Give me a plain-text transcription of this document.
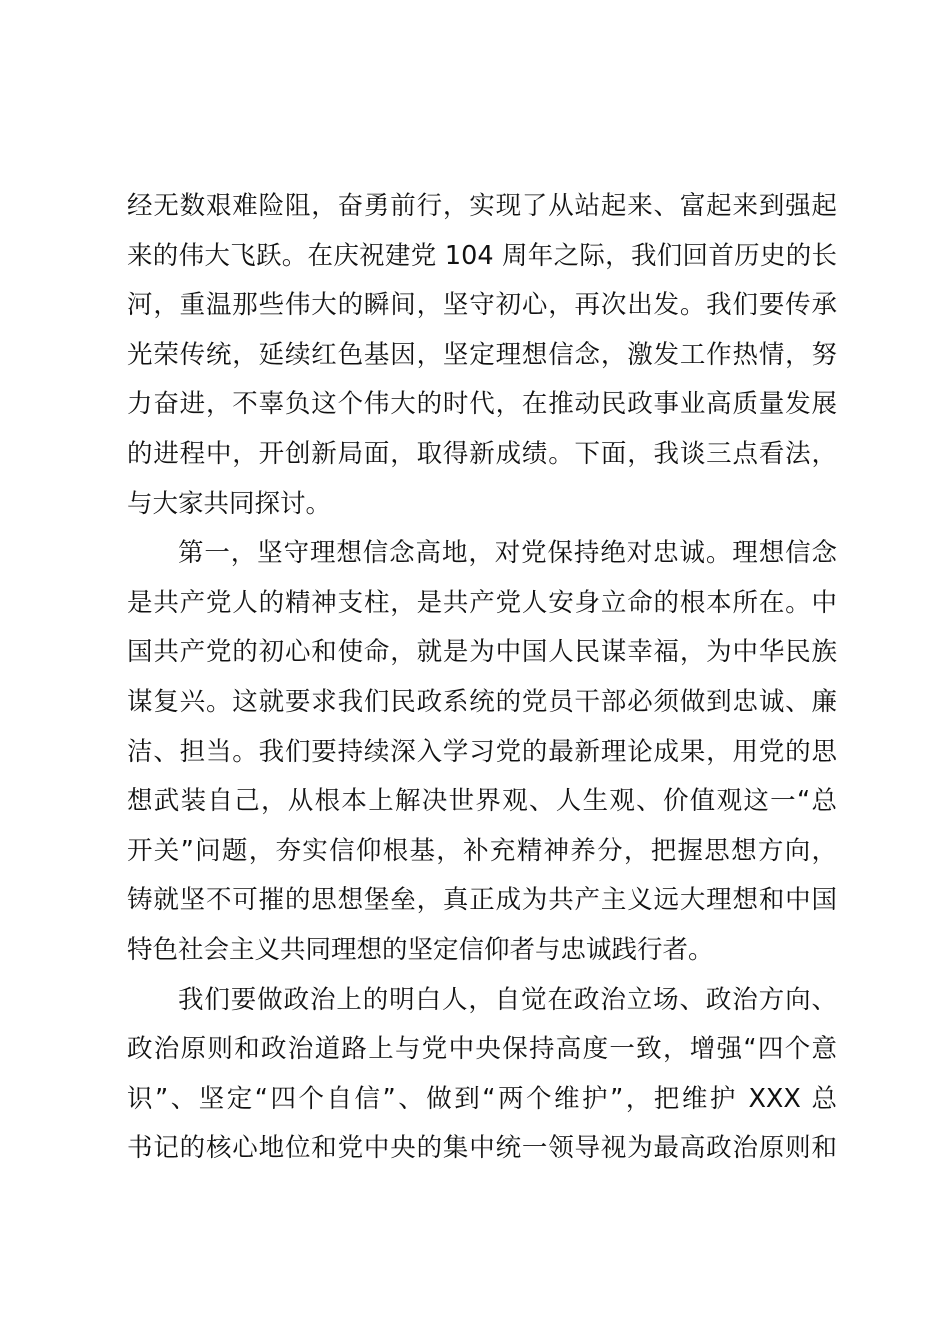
经无数艰难险阻，奋勇前行，实现了从站起来、富起来到强起
来的伟大飞跃。在庆祝建党 104 周年之际，我们回首历史的长
河，重温那些伟大的瞬间，坚守初心，再次出发。我们要传承
光荣传统，延续红色基因，坚定理想信念，激发工作热情，努
力奋进，不辜负这个伟大的时代，在推动民政事业高质量发展
的进程中，开创新局面，取得新成绩。下面，我谈三点看法，
与大家共同探讨。
第一，坚守理想信念高地，对党保持绝对忠诚。理想信念
是共产党人的精神支柱，是共产党人安身立命的根本所在。中
国共产党的初心和使命，就是为中国人民谋幸福，为中华民族
谋复兴。这就要求我们民政系统的党员干部必须做到忠诚、廉
洁、担当。我们要持续深入学习党的最新理论成果，用党的思
想武装自己，从根本上解决世界观、人生观、价值观这一“总
开关”问题，夯实信仰根基，补充精神养分，把握思想方向，
铸就坚不可摧的思想堡垒，真正成为共产主义远大理想和中国
特色社会主义共同理想的坚定信仰者与忠诚践行者。
我们要做政治上的明白人，自觉在政治立场、政治方向、
政治原则和政治道路上与党中央保持高度一致，增强“四个意
识”、坚定“四个自信”、做到“两个维护”，把维护 XXX 总
书记的核心地位和党中央的集中统一领导视为最高政治原则和
